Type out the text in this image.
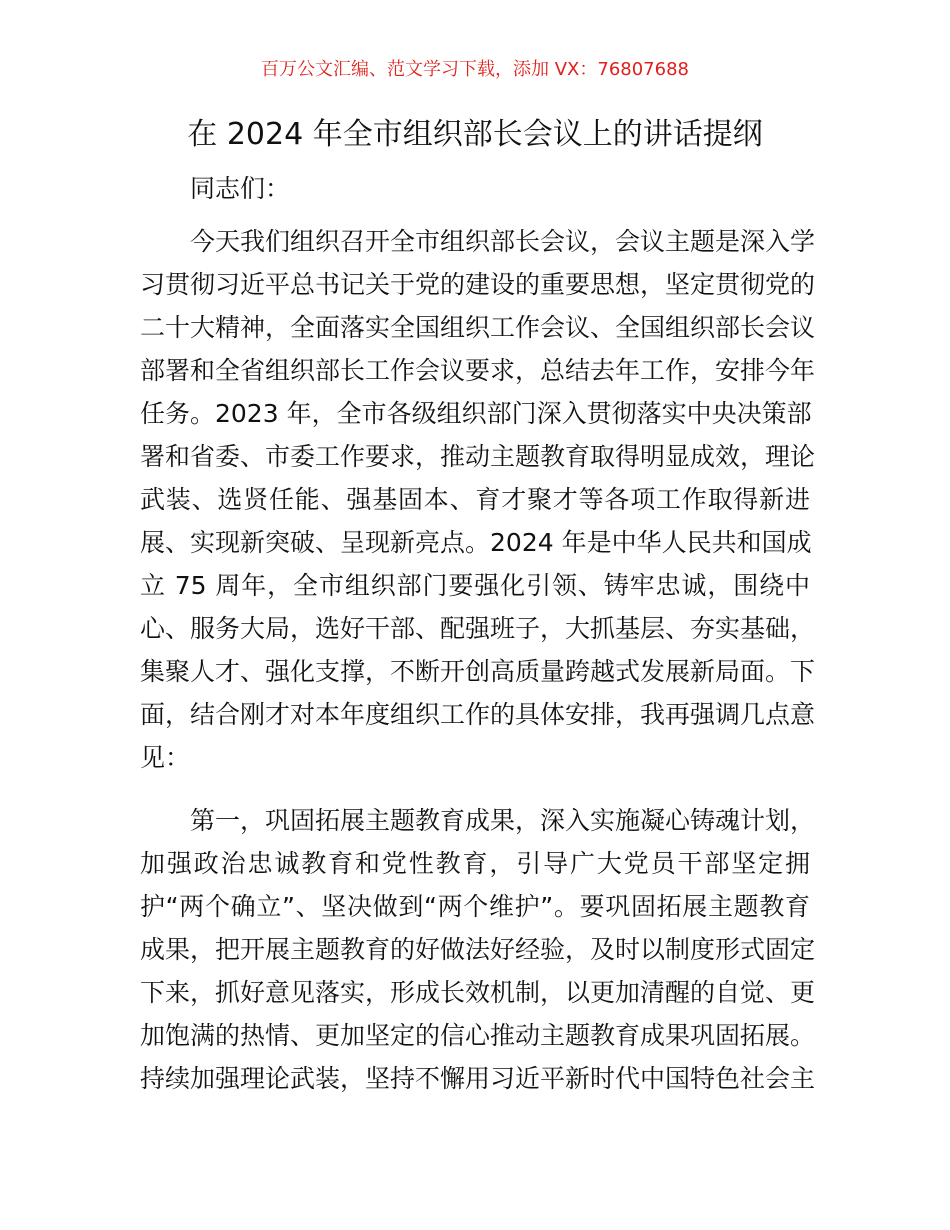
百万公文汇编、范文学习下载，添加 VX：76807688
在 2024 年全市组织部长会议上的讲话提纲
同志们：
今天我们组织召开全市组织部长会议，会议主题是深入学
习贯彻习近平总书记关于党的建设的重要思想，坚定贯彻党的
二十大精神，全面落实全国组织工作会议、全国组织部长会议
部署和全省组织部长工作会议要求，总结去年工作，安排今年
任务。2023 年，全市各级组织部门深入贯彻落实中央决策部
署和省委、市委工作要求，推动主题教育取得明显成效，理论
武装、选贤任能、强基固本、育才聚才等各项工作取得新进
展、实现新突破、呈现新亮点。2024 年是中华人民共和国成
立 75 周年，全市组织部门要强化引领、铸牢忠诚，围绕中
心、服务大局，选好干部、配强班子，大抓基层、夯实基础，
集聚人才、强化支撑，不断开创高质量跨越式发展新局面。下
面，结合刚才对本年度组织工作的具体安排，我再强调几点意
见：
第一，巩固拓展主题教育成果，深入实施凝心铸魂计划，
加强政治忠诚教育和党性教育，引导广大党员干部坚定拥
护“两个确立”、坚决做到“两个维护”。要巩固拓展主题教育
成果，把开展主题教育的好做法好经验，及时以制度形式固定
下来，抓好意见落实，形成长效机制，以更加清醒的自觉、更
加饱满的热情、更加坚定的信心推动主题教育成果巩固拓展。
持续加强理论武装，坚持不懈用习近平新时代中国特色社会主
